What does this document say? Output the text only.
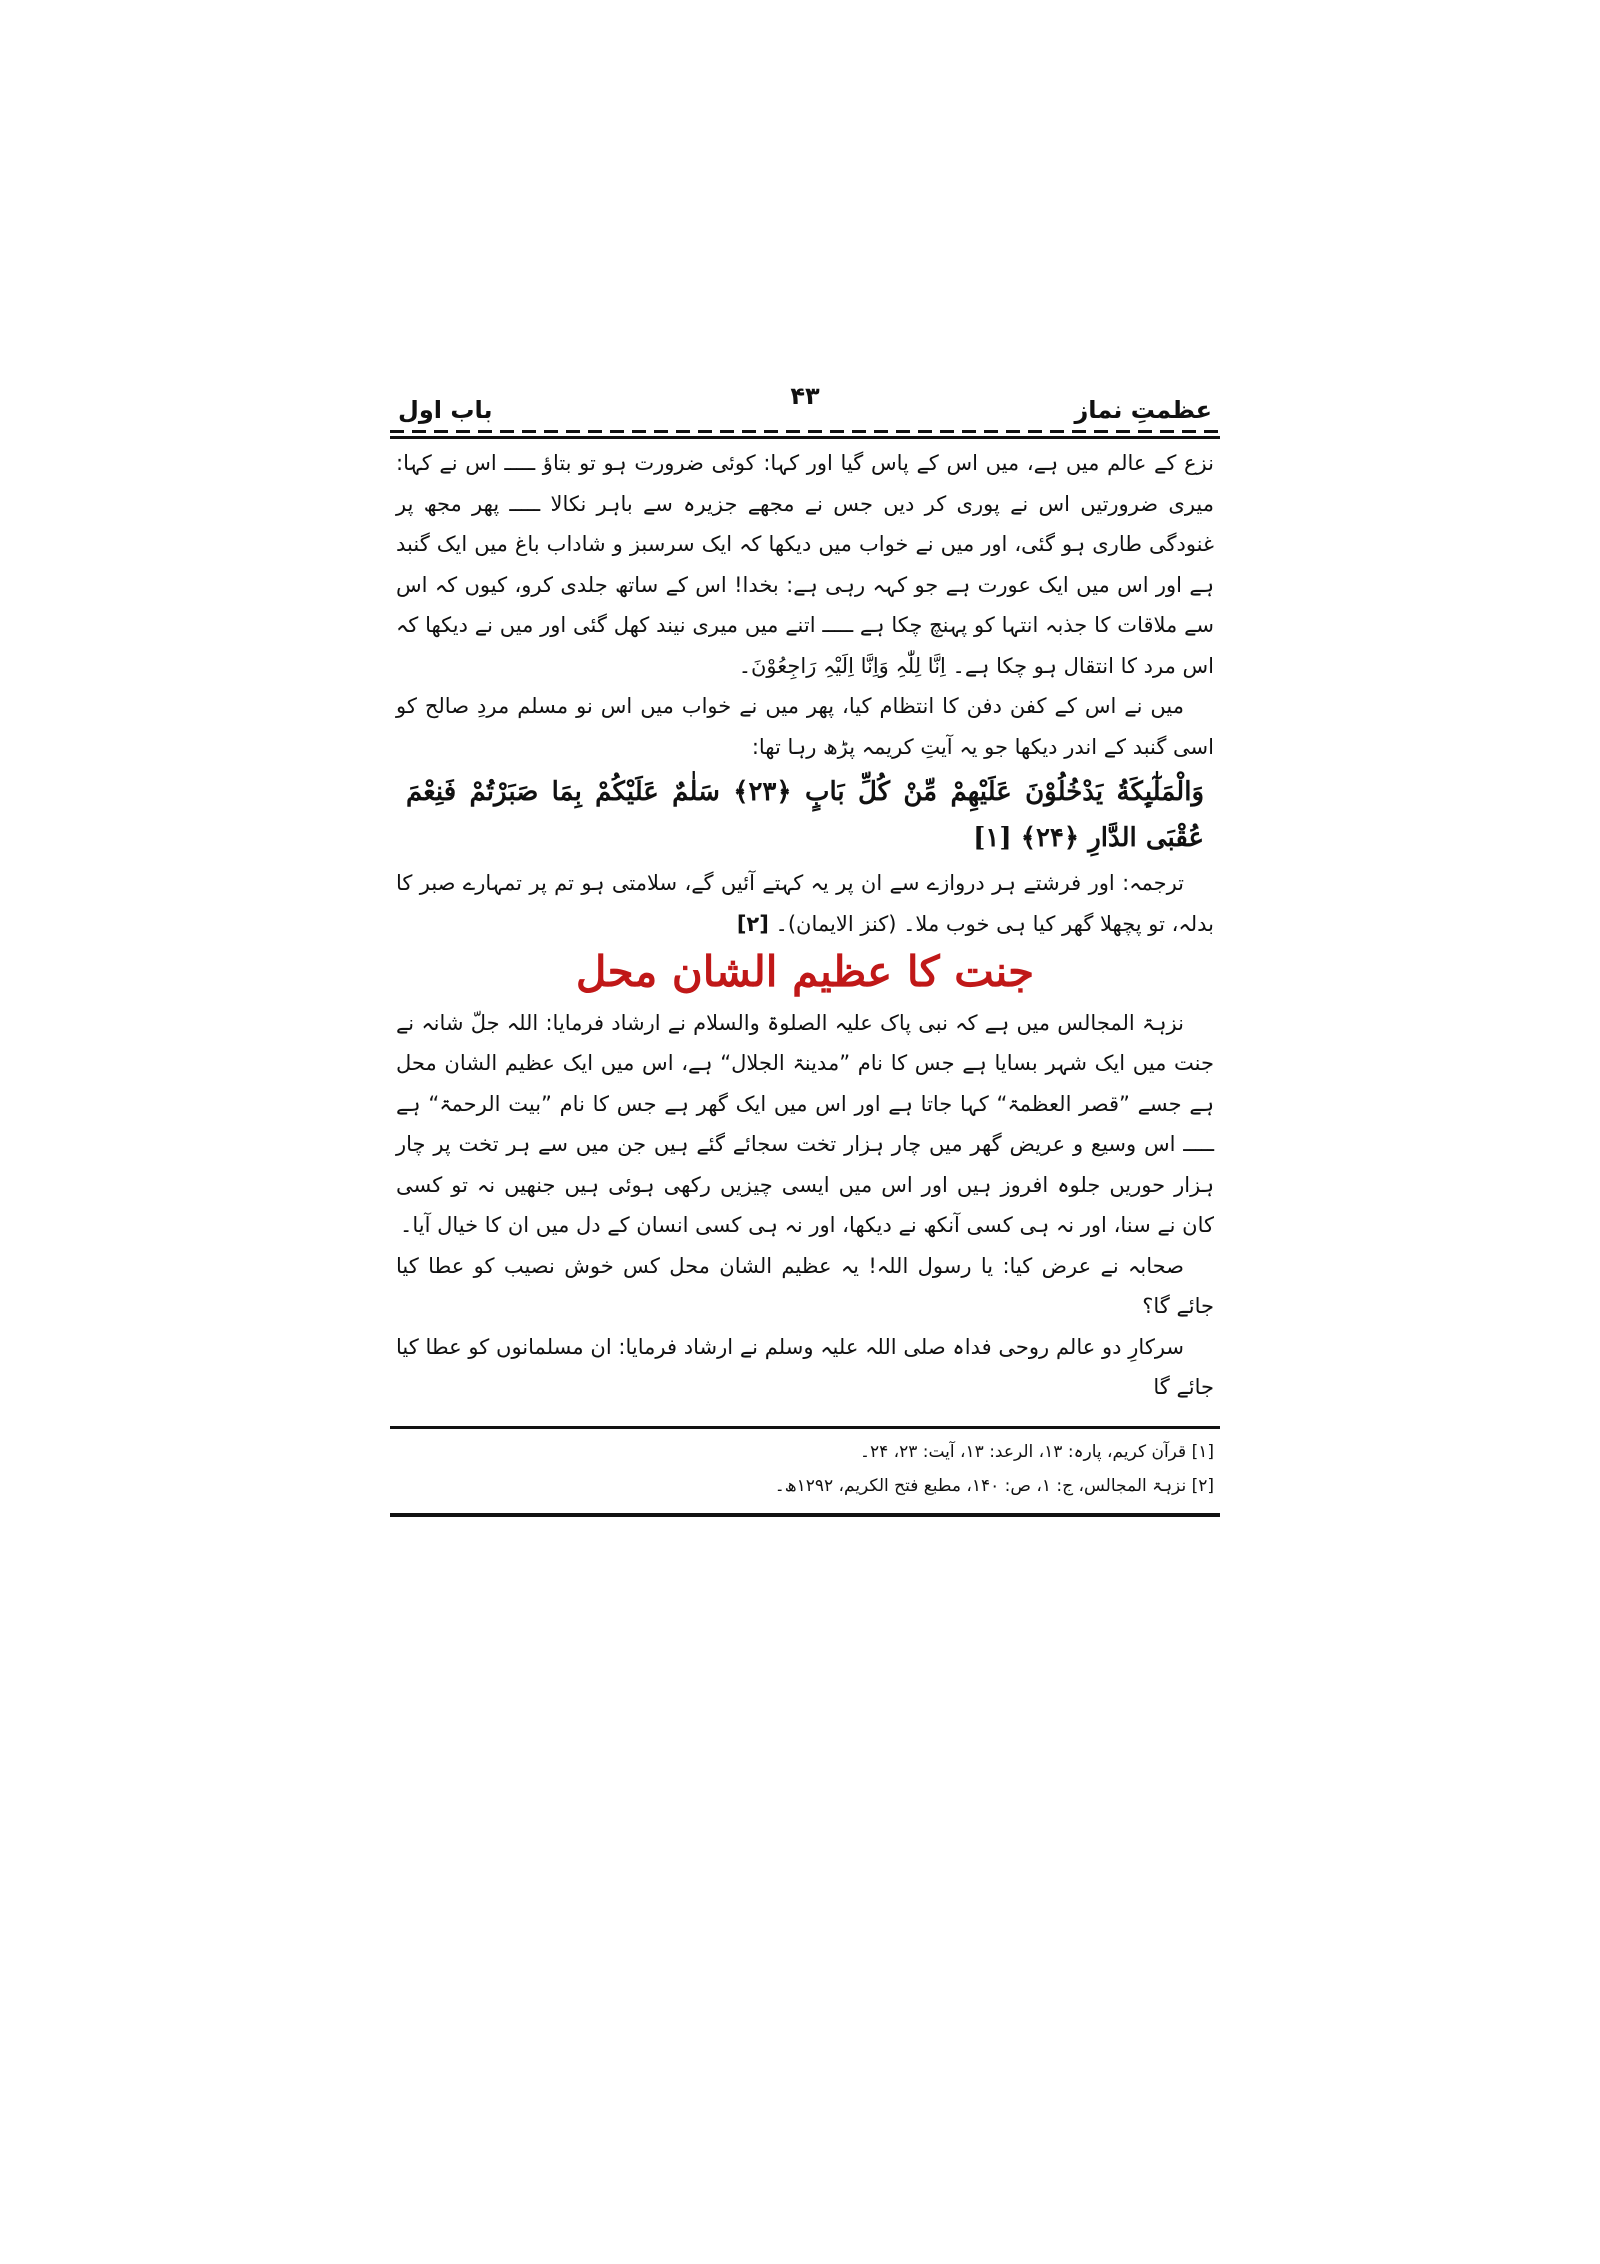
عظمتِ نماز
۴۳
باب اول

نزع کے عالم میں ہے، میں اس کے پاس گیا اور کہا: کوئی ضرورت ہو تو بتاؤ ـــــ اس نے کہا: میری ضرورتیں اس نے پوری کر دیں جس نے مجھے جزیرہ سے باہر نکالا ـــــ پھر مجھ پر غنودگی طاری ہو گئی، اور میں نے خواب میں دیکھا کہ ایک سرسبز و شاداب باغ میں ایک گنبد ہے اور اس میں ایک عورت ہے جو کہہ رہی ہے: بخدا! اس کے ساتھ جلدی کرو، کیوں کہ اس سے ملاقات کا جذبہ انتہا کو پہنچ چکا ہے ـــــ اتنے میں میری نیند کھل گئی اور میں نے دیکھا کہ اس مرد کا انتقال ہو چکا ہے۔ اِنَّا لِلّٰہِ وَاِنَّا اِلَیْہِ رَاجِعُوْنَ۔

میں نے اس کے کفن دفن کا انتظام کیا، پھر میں نے خواب میں اس نو مسلم مردِ صالح کو اسی گنبد کے اندر دیکھا جو یہ آیتِ کریمہ پڑھ رہا تھا:

وَالْمَلٰٓىِٕكَةُ يَدْخُلُوْنَ عَلَيْهِمْ مِّنْ كُلِّ بَابٍ ﴿۲۳﴾ سَلٰمٌ عَلَيْكُمْ بِمَا صَبَرْتُمْ فَنِعْمَ عُقْبَى الدَّارِ ﴿۲۴﴾ [۱]

ترجمہ: اور فرشتے ہر دروازے سے ان پر یہ کہتے آئیں گے، سلامتی ہو تم پر تمہارے صبر کا بدلہ، تو پچھلا گھر کیا ہی خوب ملا۔ (کنز الایمان)۔ [۲]

جنت کا عظیم الشان محل

نزہۃ المجالس میں ہے کہ نبی پاک علیہ الصلوۃ والسلام نے ارشاد فرمایا: اللہ جلّ شانہ نے جنت میں ایک شہر بسایا ہے جس کا نام ”مدینۃ الجلال“ ہے، اس میں ایک عظیم الشان محل ہے جسے ”قصر العظمۃ“ کہا جاتا ہے اور اس میں ایک گھر ہے جس کا نام ”بیت الرحمۃ“ ہے ـــــ اس وسیع و عریض گھر میں چار ہزار تخت سجائے گئے ہیں جن میں سے ہر تخت پر چار ہزار حوریں جلوہ افروز ہیں اور اس میں ایسی چیزیں رکھی ہوئی ہیں جنھیں نہ تو کسی کان نے سنا، اور نہ ہی کسی آنکھ نے دیکھا، اور نہ ہی کسی انسان کے دل میں ان کا خیال آیا۔

صحابہ نے عرض کیا: یا رسول اللہ! یہ عظیم الشان محل کس خوش نصیب کو عطا کیا جائے گا؟

سرکارِ دو عالم روحی فداہ صلی اللہ علیہ وسلم نے ارشاد فرمایا: ان مسلمانوں کو عطا کیا جائے گا

[۱] قرآن کریم، پارہ: ۱۳، الرعد: ۱۳، آیت: ۲۳، ۲۴۔
[۲] نزہۃ المجالس، ج: ۱، ص: ۱۴۰، مطبع فتح الکریم، ۱۲۹۲ھ۔
